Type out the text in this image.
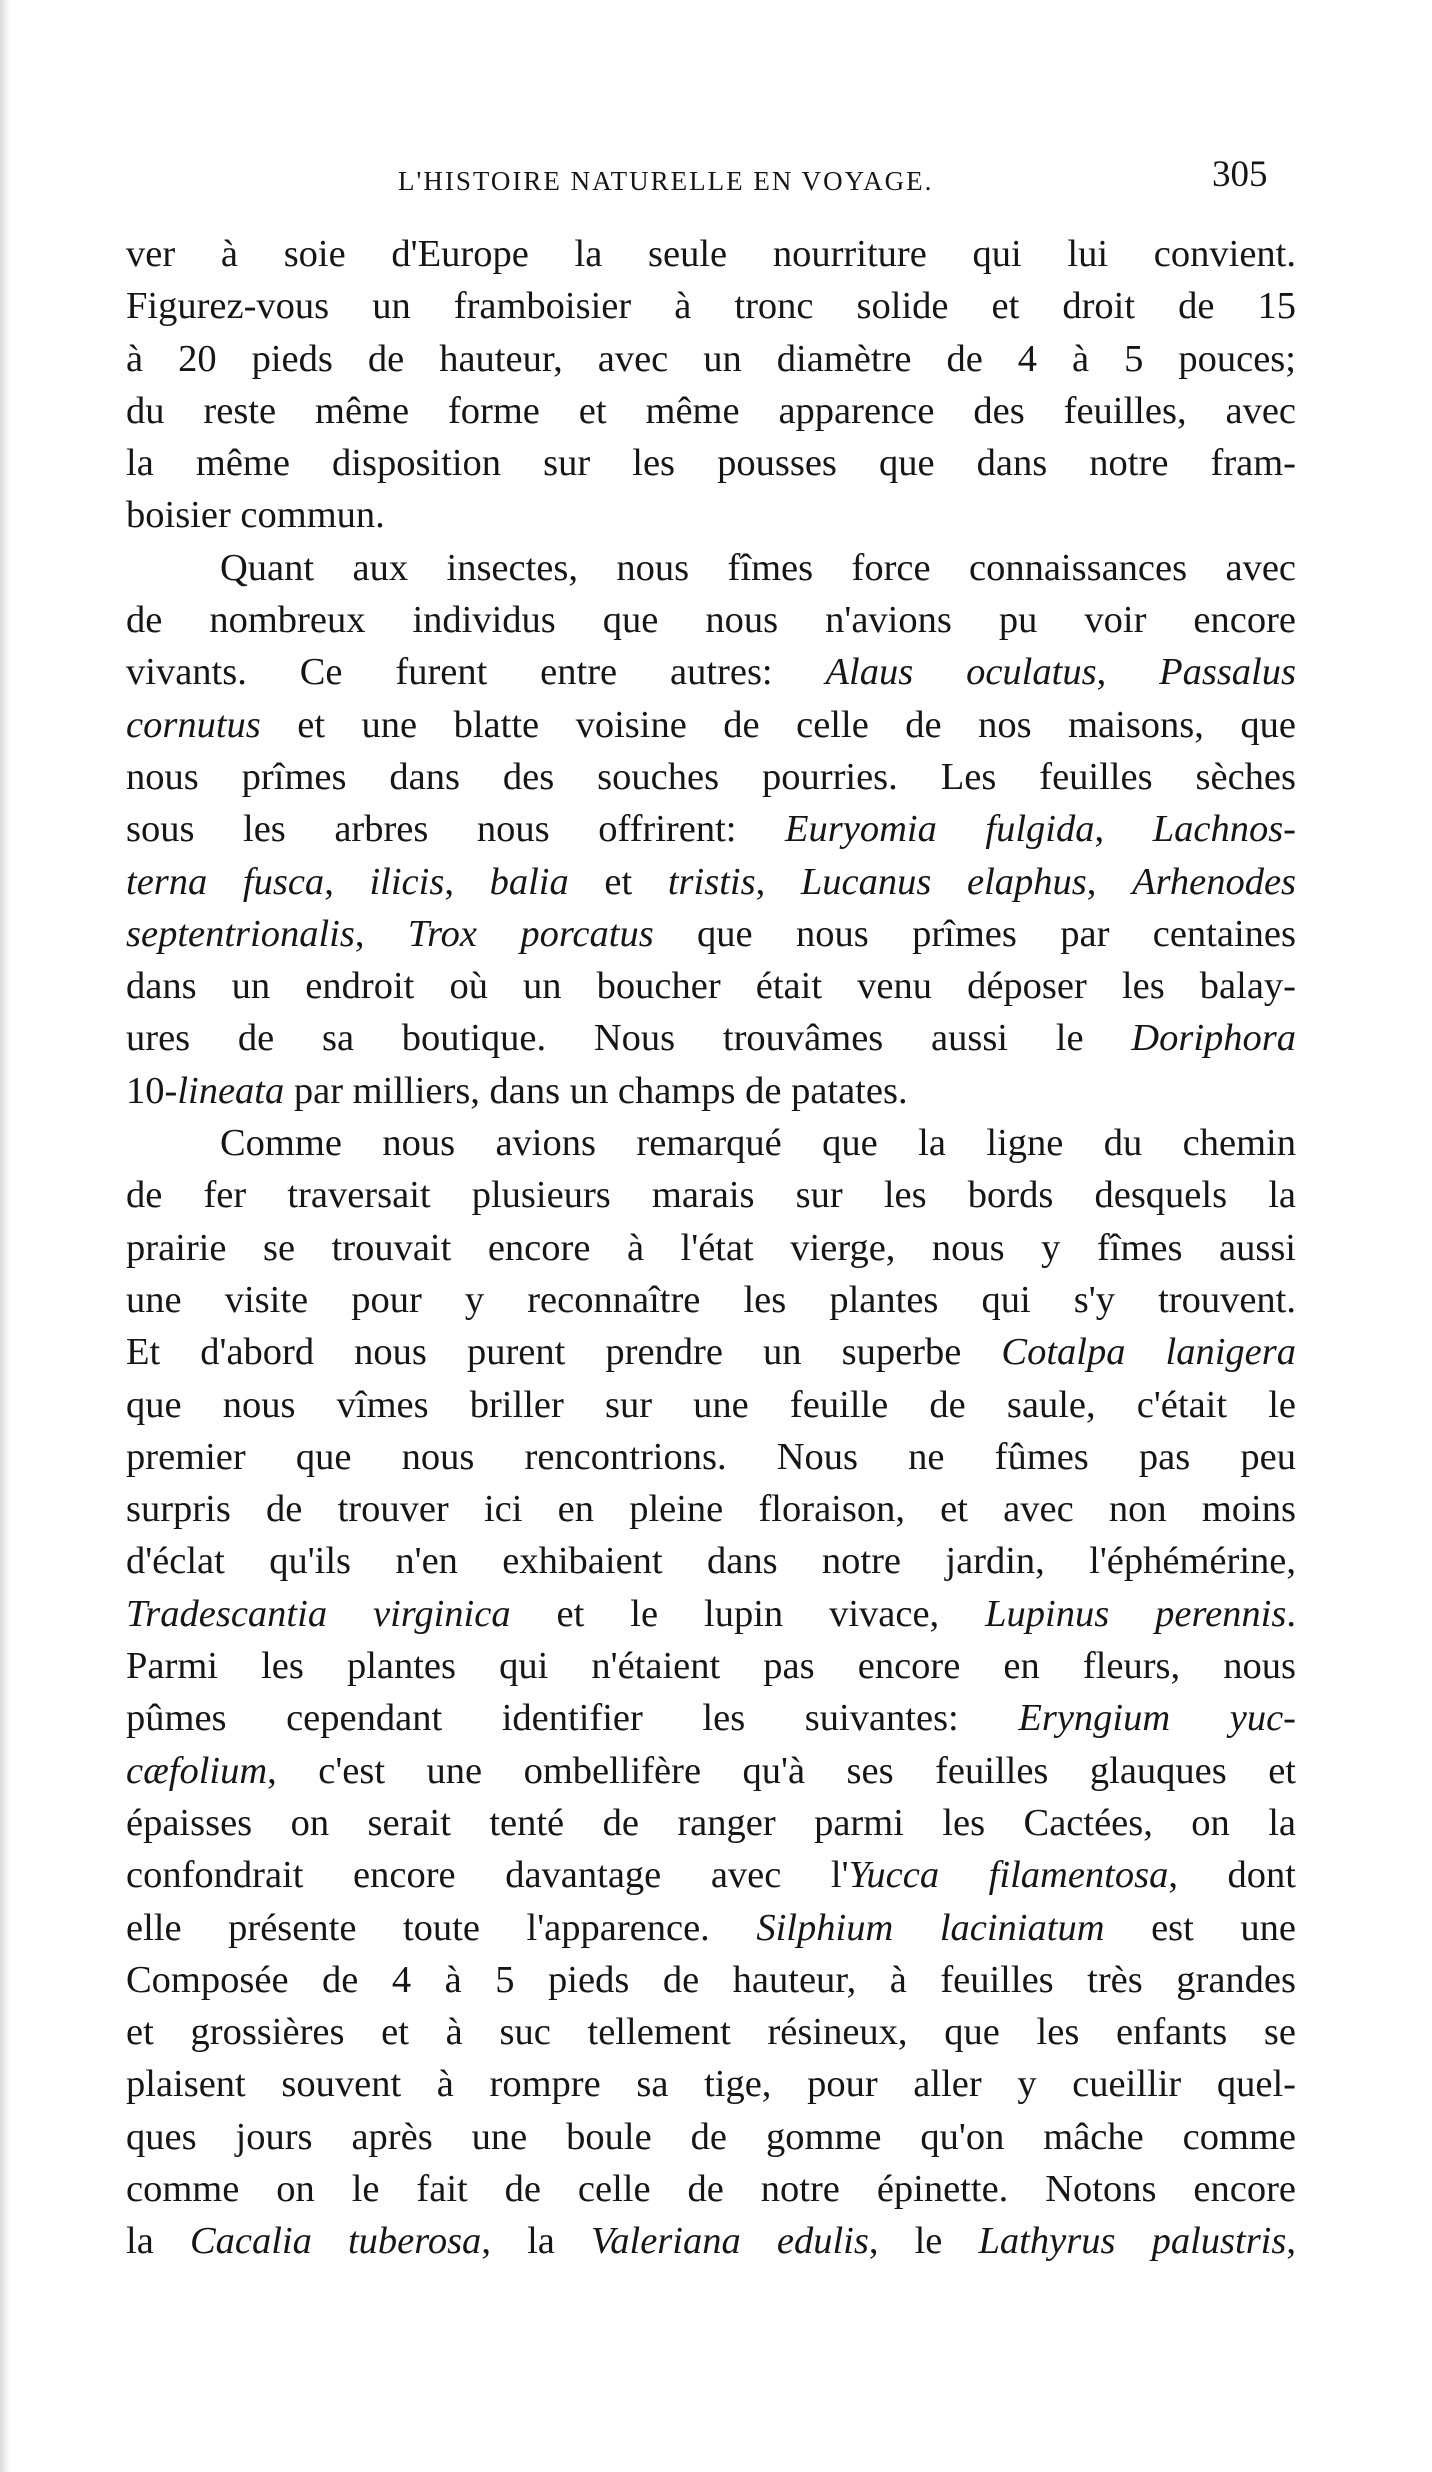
L'HISTOIRE NATURELLE EN VOYAGE.	305
ver à soie d'Europe la seule nourriture qui lui convient.
Figurez-vous un framboisier à tronc solide et droit de 15
à 20 pieds de hauteur, avec un diamètre de 4 à 5 pouces;
du reste même forme et même apparence des feuilles, avec
la même disposition sur les pousses que dans notre fram-
boisier commun.
Quant aux insectes, nous fîmes force connaissances avec
de nombreux individus que nous n'avions pu voir encore
vivants. Ce furent entre autres: Alaus oculatus, Passalus
cornutus et une blatte voisine de celle de nos maisons, que
nous prîmes dans des souches pourries. Les feuilles sèches
sous les arbres nous offrirent: Euryomia fulgida, Lachnos-
terna fusca, ilicis, balia et tristis, Lucanus elaphus, Arhenodes
septentrionalis, Trox porcatus que nous prîmes par centaines
dans un endroit où un boucher était venu déposer les balay-
ures de sa boutique. Nous trouvâmes aussi le Doriphora
10-lineata par milliers, dans un champs de patates.
Comme nous avions remarqué que la ligne du chemin
de fer traversait plusieurs marais sur les bords desquels la
prairie se trouvait encore à l'état vierge, nous y fîmes aussi
une visite pour y reconnaître les plantes qui s'y trouvent.
Et d'abord nous purent prendre un superbe Cotalpa lanigera
que nous vîmes briller sur une feuille de saule, c'était le
premier que nous rencontrions. Nous ne fûmes pas peu
surpris de trouver ici en pleine floraison, et avec non moins
d'éclat qu'ils n'en exhibaient dans notre jardin, l'éphémérine,
Tradescantia virginica et le lupin vivace, Lupinus perennis.
Parmi les plantes qui n'étaient pas encore en fleurs, nous
pûmes cependant identifier les suivantes: Eryngium yuc-
cæfolium, c'est une ombellifère qu'à ses feuilles glauques et
épaisses on serait tenté de ranger parmi les Cactées, on la
confondrait encore davantage avec l'Yucca filamentosa, dont
elle présente toute l'apparence. Silphium laciniatum est une
Composée de 4 à 5 pieds de hauteur, à feuilles très grandes
et grossières et à suc tellement résineux, que les enfants se
plaisent souvent à rompre sa tige, pour aller y cueillir quel-
ques jours après une boule de gomme qu'on mâche comme
comme on le fait de celle de notre épinette. Notons encore
la Cacalia tuberosa, la Valeriana edulis, le Lathyrus palustris,
